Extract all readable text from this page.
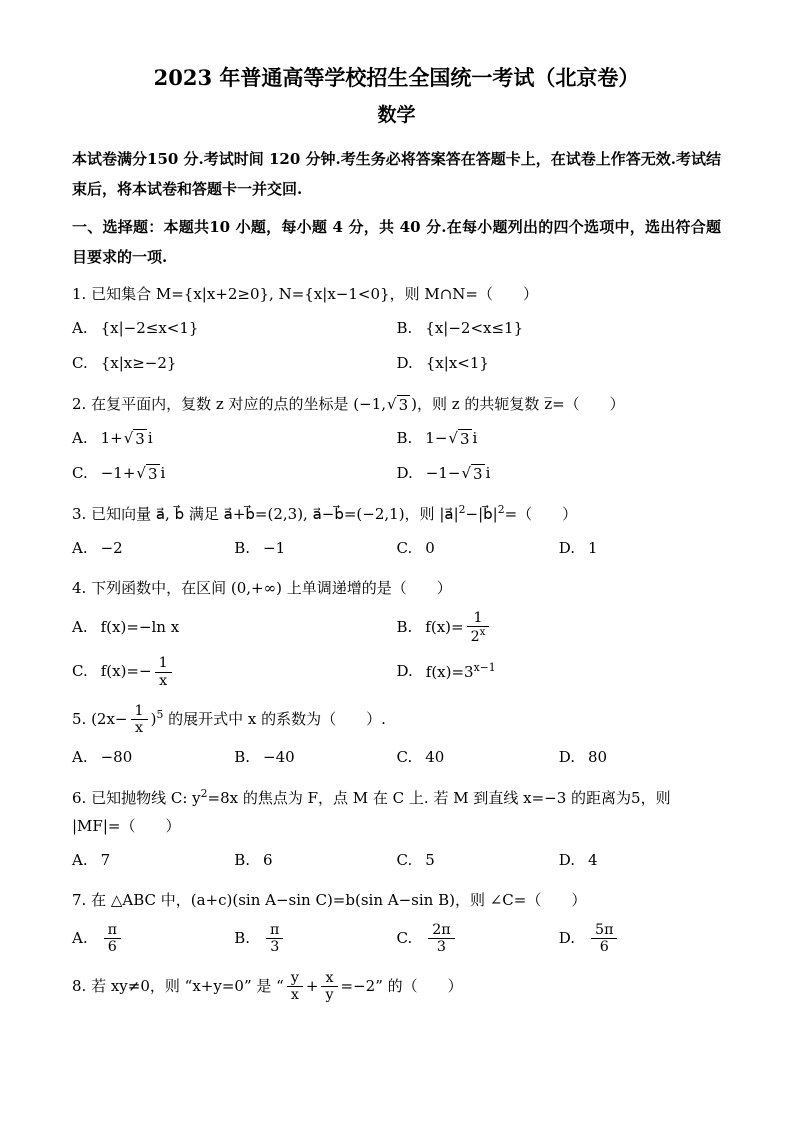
2023 年普通高等学校招生全国统一考试（北京卷）
数学

本试卷满分150 分.考试时间 120 分钟.考生务必将答案答在答题卡上，在试卷上作答无效.考试结束后，将本试卷和答题卡一并交回.

一、选择题：本题共10 小题，每小题 4 分，共 40 分.在每小题列出的四个选项中，选出符合题目要求的一项.

1. 已知集合 M={x|x+2≥0}, N={x|x−1<0}，则 M∩N=（　　）

A. {x|−2≤x<1}	B. {x|−2<x≤1}
C. {x|x≥−2}	D. {x|x<1}

2. 在复平面内，复数 z 对应的点的坐标是 (−1, √ 3 )，则 z 的共轭复数 z̅=（　　）

A. 1+ √ 3 i	B. 1− √ 3 i
C. −1+ √ 3 i	D. −1− √ 3 i

3. 已知向量 a⃗, b⃗ 满足 a⃗+b⃗=(2,3), a⃗−b⃗=(−2,1)，则 $|a⃗|^2-|b⃗|^2=$（　　）

A. −2	B. −1	C. 0	D. 1

4. 下列函数中，在区间 (0,+∞) 上单调递增的是（　　）

A. f(x)=−ln x	B. $f(x)= \frac{1}{2^x}$
C. $f(x)=- \frac{1}{x}$	D. $f(x)=3^{x-1}$

5. $(2x- \frac{1}{x} )^5$ 的展开式中 x 的系数为（　　）.

A. −80	B. −40	C. 40	D. 80

6. 已知抛物线 C: $y^2=8x$ 的焦点为 F，点 M 在 C 上. 若 M 到直线 x=−3 的距离为5，则 |MF|=（　　）

A. 7	B. 6	C. 5	D. 4

7. 在 △ABC 中，(a+c)(sin A−sin C)=b(sin A−sin B)，则 ∠C=（　　）

A. $\frac{\pi}{6}$	B. $\frac{\pi}{3}$	C. $\frac{2\pi}{3}$	D. $\frac{5\pi}{6}$

8. 若 xy≠0，则 “x+y=0” 是 “ $\frac{y}{x} + \frac{x}{y} =-2$” 的（　　）
